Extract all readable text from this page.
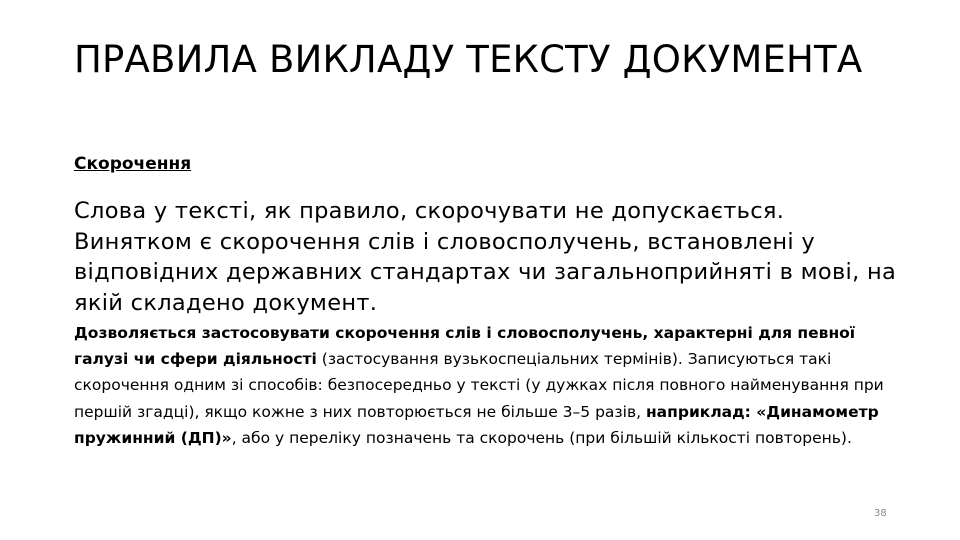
ПРАВИЛА ВИКЛАДУ ТЕКСТУ ДОКУМЕНТА
Скорочення
Слова у тексті, як правило, скорочувати не допускається. Винятком є скорочення слів і словосполучень, встановлені у відповідних державних стандартах чи загальноприйняті в мові, на якій складено документ.
Дозволяється застосовувати скорочення слів і словосполучень, характерні для певної галузі чи сфери діяльності (застосування вузькоспеціальних термінів). Записуються такі скорочення одним зі способів: безпосередньо у тексті (у дужках після повного найменування при першій згадці), якщо кожне з них повторюється не більше 3–5 разів, наприклад: «Динамометр пружинний (ДП)», або у переліку позначень та скорочень (при більшій кількості повторень).
38
